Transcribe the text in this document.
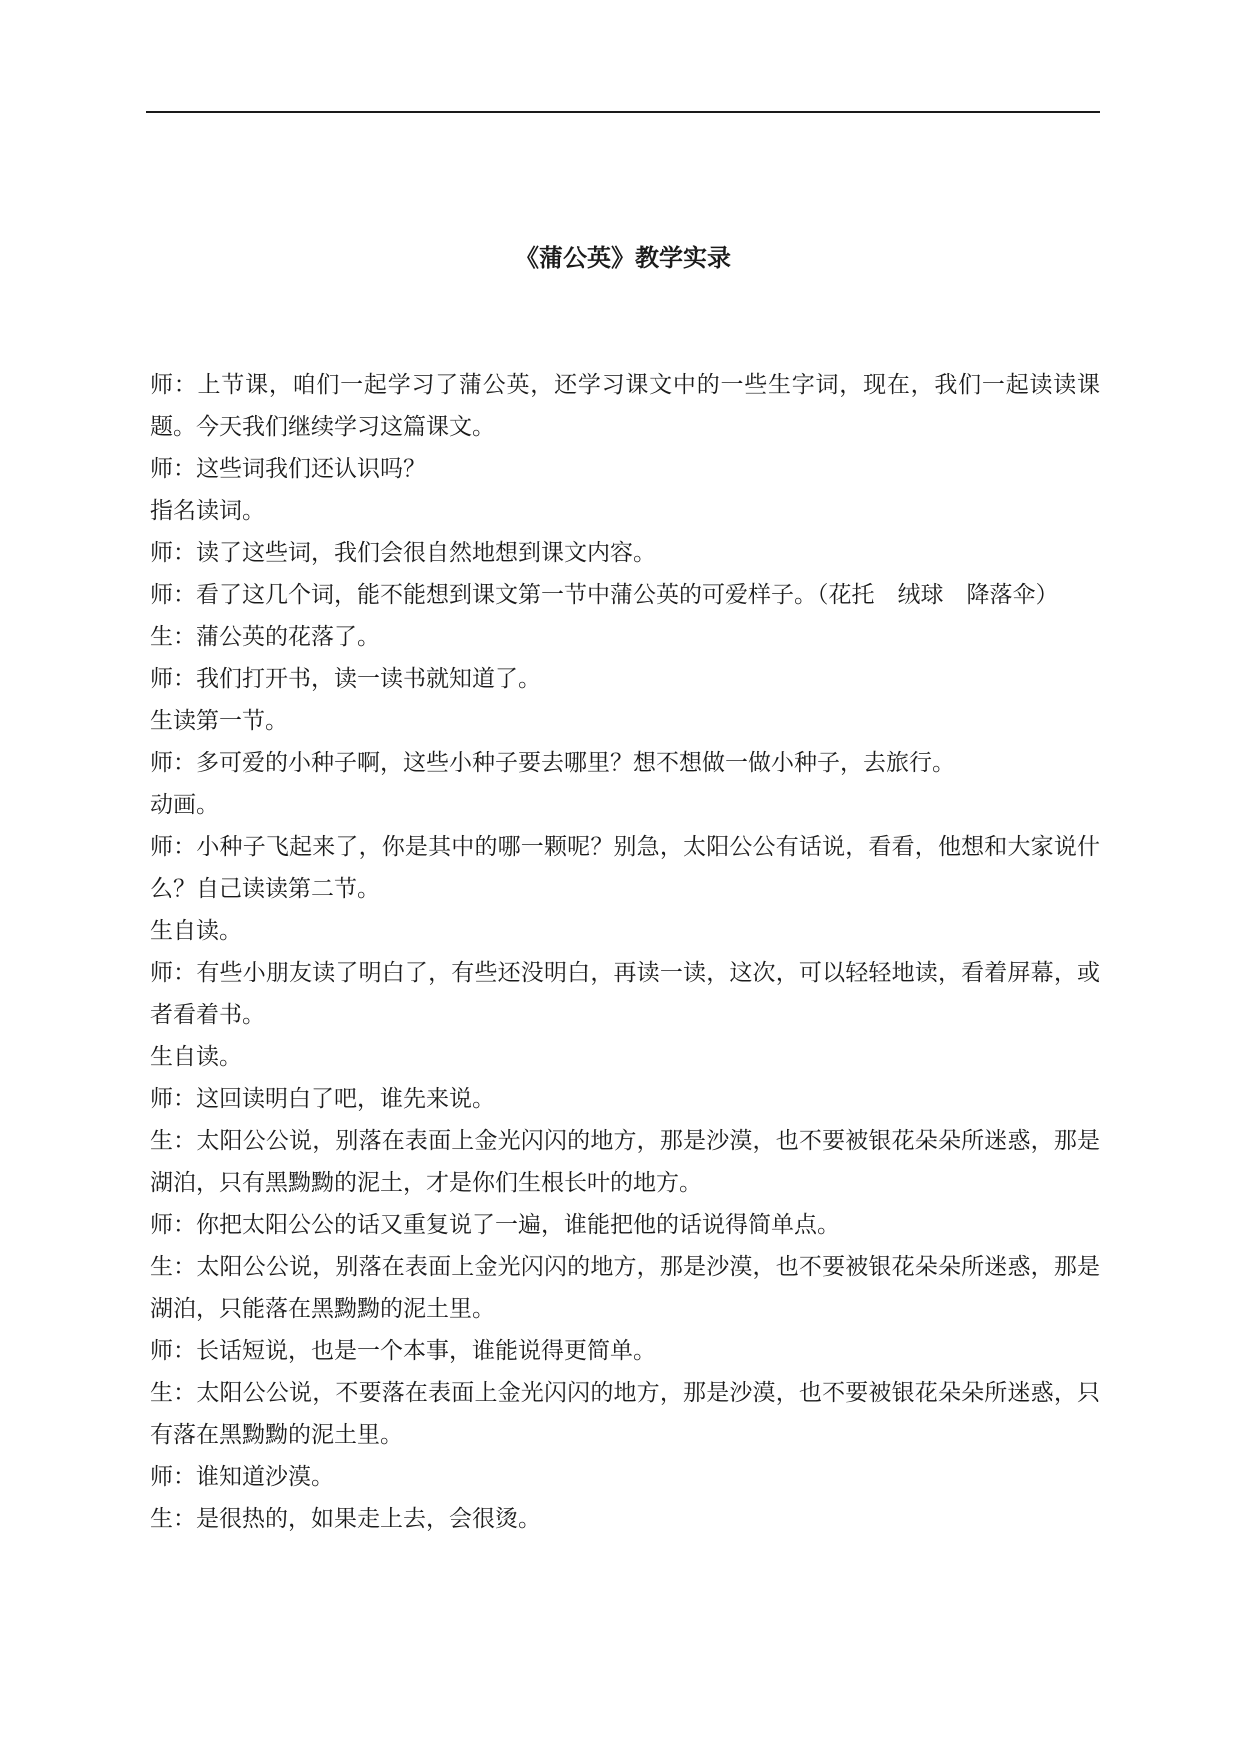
《蒲公英》教学实录

师：上节课，咱们一起学习了蒲公英，还学习课文中的一些生字词，现在，我们一起读读课题。今天我们继续学习这篇课文。

师：这些词我们还认识吗？

指名读词。

师：读了这些词，我们会很自然地想到课文内容。

师：看了这几个词，能不能想到课文第一节中蒲公英的可爱样子。（花托　绒球　降落伞）

生：蒲公英的花落了。

师：我们打开书，读一读书就知道了。

生读第一节。

师：多可爱的小种子啊，这些小种子要去哪里？想不想做一做小种子，去旅行。

动画。

师：小种子飞起来了，你是其中的哪一颗呢？别急，太阳公公有话说，看看，他想和大家说什么？自己读读第二节。

生自读。

师：有些小朋友读了明白了，有些还没明白，再读一读，这次，可以轻轻地读，看着屏幕，或者看着书。

生自读。

师：这回读明白了吧，谁先来说。

生：太阳公公说，别落在表面上金光闪闪的地方，那是沙漠，也不要被银花朵朵所迷惑，那是湖泊，只有黑黝黝的泥土，才是你们生根长叶的地方。

师：你把太阳公公的话又重复说了一遍，谁能把他的话说得简单点。

生：太阳公公说，别落在表面上金光闪闪的地方，那是沙漠，也不要被银花朵朵所迷惑，那是湖泊，只能落在黑黝黝的泥土里。

师：长话短说，也是一个本事，谁能说得更简单。

生：太阳公公说，不要落在表面上金光闪闪的地方，那是沙漠，也不要被银花朵朵所迷惑，只有落在黑黝黝的泥土里。

师：谁知道沙漠。

生：是很热的，如果走上去，会很烫。
